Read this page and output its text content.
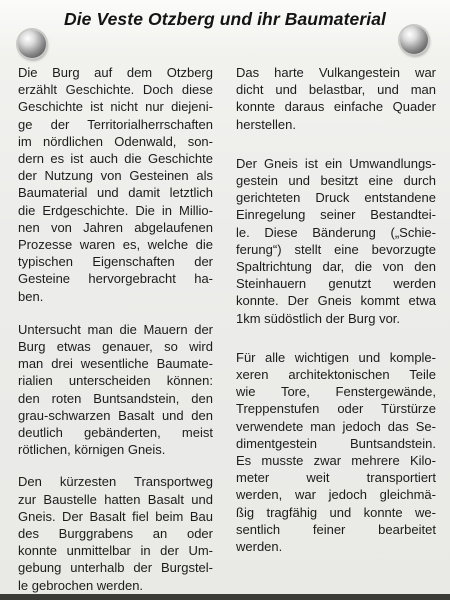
Die Veste Otzberg und ihr Baumaterial
Die Burg auf dem Otzberg
erzählt Geschichte. Doch diese
Geschichte ist nicht nur diejeni-
ge der Territorialherrschaften
im nördlichen Odenwald, son-
dern es ist auch die Geschichte
der Nutzung von Gesteinen als
Baumaterial und damit letztlich
die Erdgeschichte. Die in Millio-
nen von Jahren abgelaufenen
Prozesse waren es, welche die
typischen Eigenschaften der
Gesteine hervorgebracht ha-
ben.
Untersucht man die Mauern der
Burg etwas genauer, so wird
man drei wesentliche Baumate-
rialien unterscheiden können:
den roten Buntsandstein, den
grau-schwarzen Basalt und den
deutlich gebänderten, meist
rötlichen, körnigen Gneis.
Den kürzesten Transportweg
zur Baustelle hatten Basalt und
Gneis. Der Basalt fiel beim Bau
des Burggrabens an oder
konnte unmittelbar in der Um-
gebung unterhalb der Burgstel-
le gebrochen werden.
Das harte Vulkangestein war
dicht und belastbar, und man
konnte daraus einfache Quader
herstellen.
Der Gneis ist ein Umwandlungs-
gestein und besitzt eine durch
gerichteten Druck entstandene
Einregelung seiner Bestandtei-
le. Diese Bänderung („Schie-
ferung“) stellt eine bevorzugte
Spaltrichtung dar, die von den
Steinhauern genutzt werden
konnte. Der Gneis kommt etwa
1km südöstlich der Burg vor.
Für alle wichtigen und komple-
xeren architektonischen Teile
wie Tore, Fenstergewände,
Treppenstufen oder Türstürze
verwendete man jedoch das Se-
dimentgestein Buntsandstein.
Es musste zwar mehrere Kilo-
meter weit transportiert
werden, war jedoch gleichmä-
ßig tragfähig und konnte we-
sentlich feiner bearbeitet
werden.
